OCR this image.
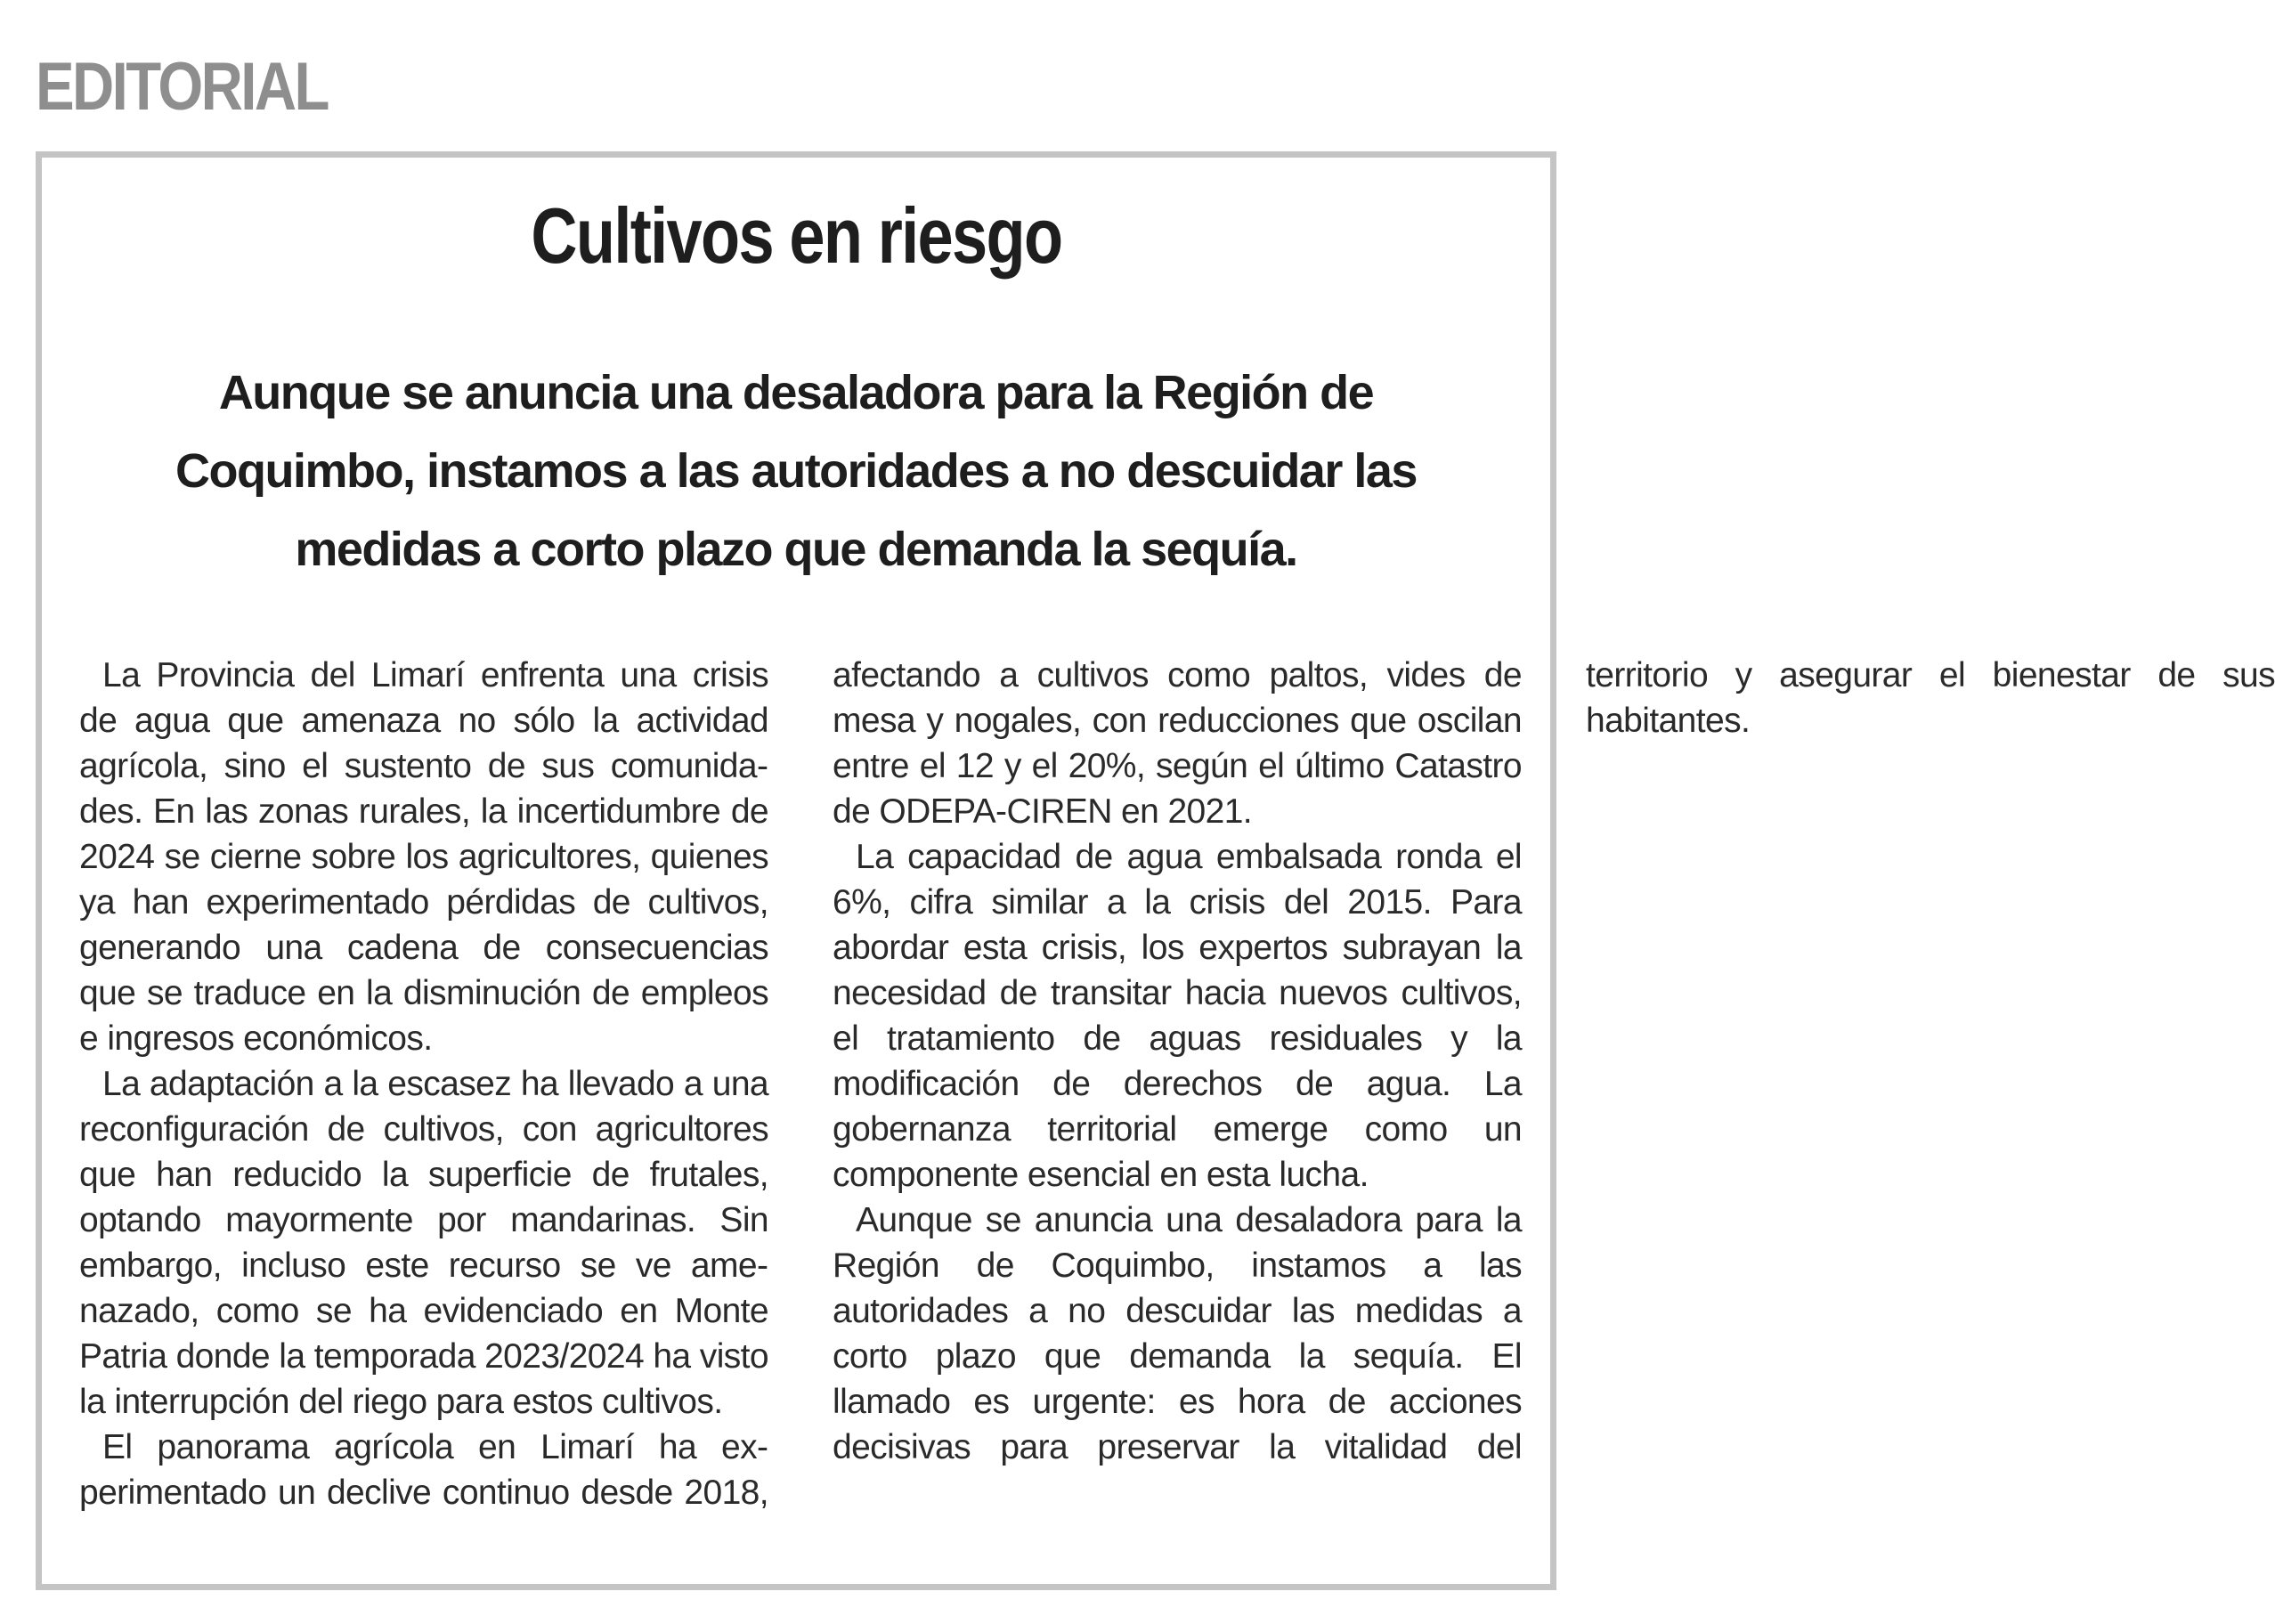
EDITORIAL
Cultivos en riesgo

Aunque se anuncia una desaladora para la Región de Coquimbo, instamos a las autoridades a no descuidar las medidas a corto plazo que demanda la sequía.

La Provincia del Limarí enfrenta una crisis de agua que amenaza no sólo la actividad agrícola, sino el sustento de sus comunidades. En las zonas rurales, la incertidumbre de 2024 se cierne sobre los agricultores, quienes ya han experimentado pérdidas de cultivos, generando una cadena de consecuencias que se traduce en la disminución de empleos e ingresos económicos.

La adaptación a la escasez ha llevado a una reconfiguración de cultivos, con agricultores que han reducido la superficie de frutales, optando mayormente por mandarinas. Sin embargo, incluso este recurso se ve amenazado, como se ha evidenciado en Monte Patria donde la temporada 2023/2024 ha visto la interrupción del riego para estos cultivos.

El panorama agrícola en Limarí ha experimentado un declive continuo desde 2018, afectando a cultivos como paltos, vides de mesa y nogales, con reducciones que oscilan entre el 12 y el 20%, según el último Catastro de ODEPA-CIREN en 2021.

La capacidad de agua embalsada ronda el 6%, cifra similar a la crisis del 2015. Para abordar esta crisis, los expertos subrayan la necesidad de transitar hacia nuevos cultivos, el tratamiento de aguas residuales y la modificación de derechos de agua. La gobernanza territorial emerge como un componente esencial en esta lucha.

Aunque se anuncia una desaladora para la Región de Coquimbo, instamos a las autoridades a no descuidar las medidas a corto plazo que demanda la sequía. El llamado es urgente: es hora de acciones decisivas para preservar la vitalidad del territorio y asegurar el bienestar de sus habitantes.
